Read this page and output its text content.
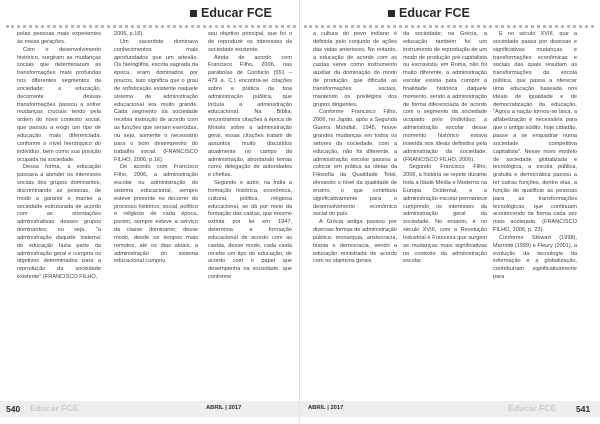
Educar FCE

pelas pessoas mais experientes às novas gerações.

Com o desenvolvimento histórico, surgiram as mudanças sociais que determinaram as transformações mais profundas nos diferentes segmentos da sociedade; a educação, decorrente dessas transformações passou a sofrer mudanças cruciais tendo pela ordem do novo contexto social, que passou a exigir um tipo de educação mais diferenciada, conforme o nível hierárquico do indivíduo, bem como sua posição ocupada na sociedade.

Dessa forma, a educação passava a atender os interesses sociais dos grupos dominantes, discriminando as pessoas, de modo a garantir e manter a sociedade estruturada de acordo com as orientações administrativas desses grupos dominantes, ou seja, "a administração daquele 'sistema' de educação fazia parte da administração geral e cumpria os objetivos determinados para a reprodução da sociedade existente" (FRANCISCO FILHO,

2006, p.16).

Um sacerdote dominava conhecimentos mais aprofundados que um artesão. Os hieróglifos, escrita sagrada da época, eram dominados por poucos, isso significa que o grau de sofisticação existente naquele sistema de administração educacional era muito grande. Cada segmento da sociedade recebia instrução de acordo com as funções que seriam exercidas, ou seja, somente o necessário para o bom desempenho do trabalho social. (FRANCISCO FILHO, 2006, p.16).

De acordo com Francisco Filho, 2006, a administração escolar ou administração do sistema educacional, sempre esteve presente no decorrer do processo histórico, social, político e religioso de cada época, porém, sempre esteve a serviço da classe dominante; desse modo, desde os tempos mais remotos, até os dias atuais, a administração do sistema educacional cumpriu

seu objetivo principal, que foi o de reproduzir os interesses da sociedade existente.

Ainda de acordo com Francisco Filho, 2006, nas parábolas de Confúcio (551 – 479 a. C.) encontra-se citações sobre a prática da boa administração pública, que incluía a administração educacional. Na Bíblia, encontramos citações à época de Moisés sobre a administração geral, essas citações tratam de assuntos muito discutidos atualmente no campo da administração, abordando temas como delegação de autoridades e chefias.

Segundo o autor, na Índia a formação histórica, econômica, cultural, política, religiosa educacional, se dá por meio da formação das castas, que mesmo extinta por lei em 1947, determina a formação educacional de acordo com as castas, desse modo, cada casta recebe um tipo de educação, de acordo com o papel que desempenha na sociedade, que conforme

540 Educar FCE	ABRIL | 2017
Educar FCE

a cultura do povo indiano é definida pelo conjunto de ações das vidas anteriores, No entanto, a educação de acordo com as castas serve como instrumento auxiliar da dominação do modo de produção, que dificulta as transformações sociais, mantendo os privilégios dos grupos dirigentes.

Conforme Francisco Filho, 2006, no Japão, após a Segunda Guerra Mundial, 1945, houve grandes mudanças em todos os setores da sociedade, com a educação, não foi diferente, a administração escolar passou a colocar em prática as ideias da Filosofia da Qualidade Total, elevando o nível da qualidade de ensino, o que contribuiu significativamente para o desenvolvimento econômico social do país.

A Grécia antiga passou por diversas formas de administração pública: monarquia, aristocracia, tirania e democracia, sendo a educação ministrada de acordo com os objetivos gerais

da sociedade; na Grécia, a educação também foi um instrumento de reprodução de um modo de produção pré-capitalista ou escravista; em Roma, não foi muito diferente, a administração escolar existia para cumprir a finalidade histórica daquele momento, sendo a administração de forma diferenciada de acordo com o segmento da sociedade ocupado pelo (indivíduo; a administração escolar desse momento histórico estava inserida nos ideais definidos pela administração da sociedade. (FRANCISCO FILHO, 2006).

Segundo Francisco Filho, 2006, a história se repete durante toda a Idade Média e Moderna na Europa Ocidental, e a administração escolar permanece cumprindo os interesses da administração geral da sociedade. No entanto, é no século XVIII, com a Revolução Industrial e Francesa que surgem as mudanças mais significativas no contexto da administração escolar.

É no século XVIII, que a sociedade passa por diversas e significativas mudanças e transformações econômicas e sociais das quais resultam as transformações da escola pública, que passa a oferecer uma educação baseada nos ideais de igualdade e de democratização da educação. "Agora a nação tornou-se laica, a alfabetização é necessária para que o antigo súdito, hoje cidadão, passe a se enquadrar numa sociedade competitiva capitalista". Nesse novo modelo de sociedade globalizada e tecnológica, a escola pública, gratuita e democrática passou a ter outras funções, dentre elas, a função de qualificar as pessoas para as transformações tecnológicas, que continuam acontecendo de forma cada vez mais acelerada. (FRANCISCO FILHO, 2006, p. 23).

Conforme Stewart (1998), Marriotti (1999) e Fleury (2001), a evolução da tecnologia da informação e a globalização, contribuíram significativamente para

ABRIL | 2017	Educar FCE 541
